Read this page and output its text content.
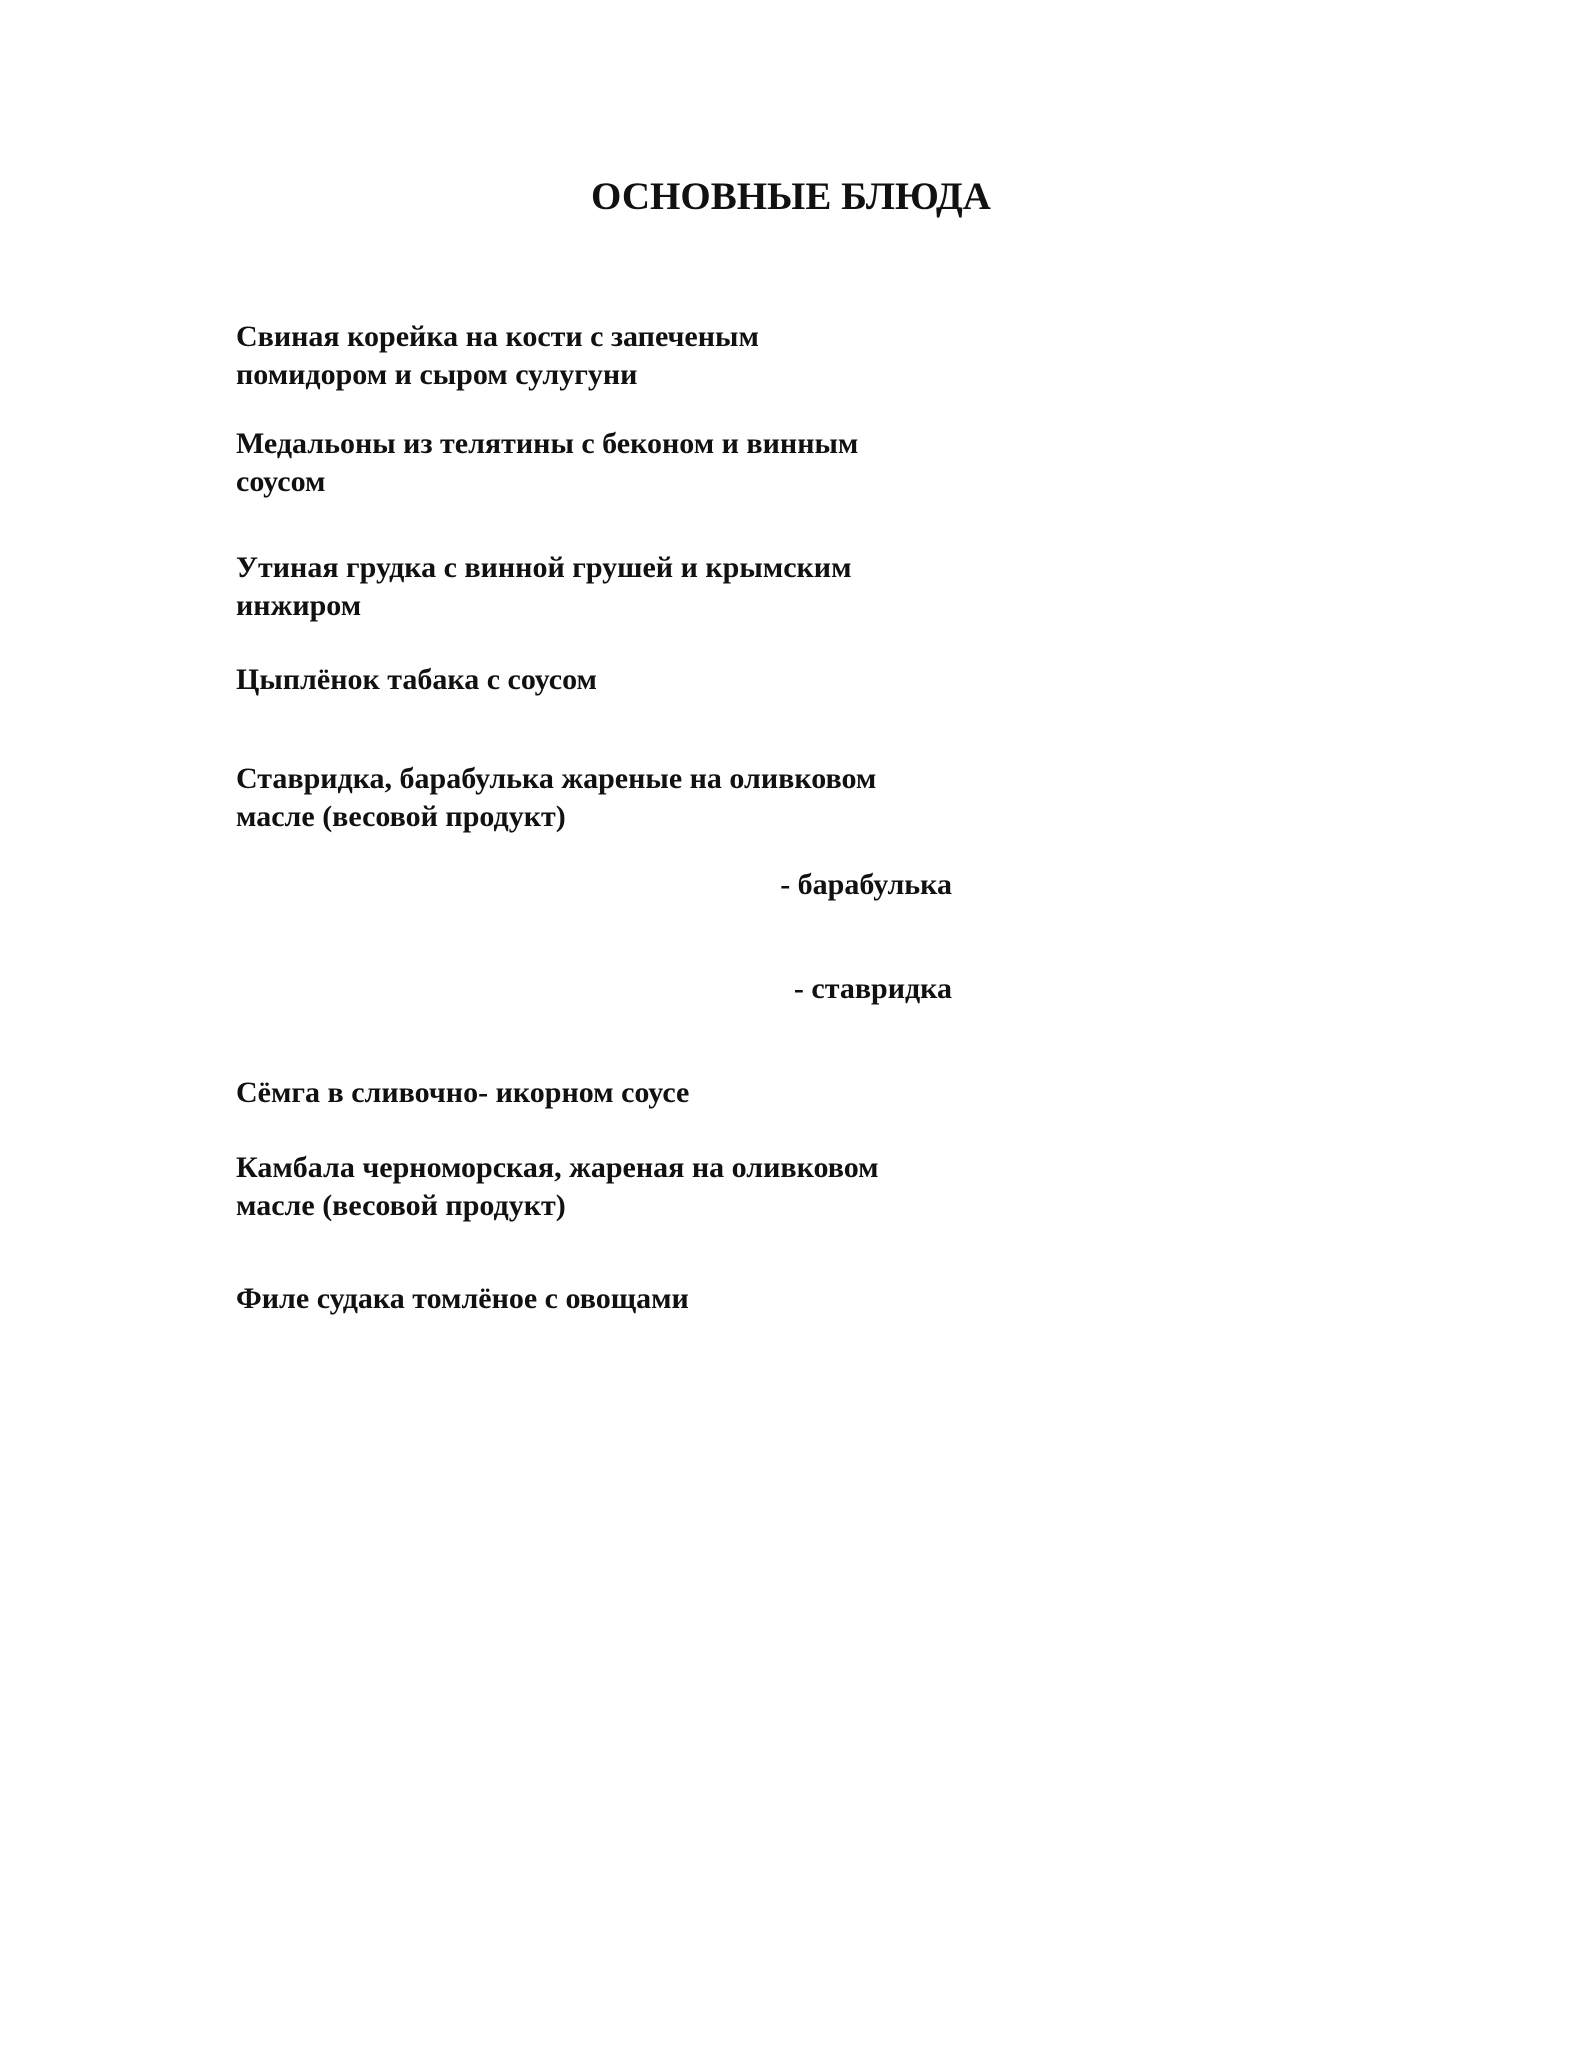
ОСНОВНЫЕ БЛЮДА
Свиная корейка на кости с запеченым
помидором и сыром сулугуни
Медальоны из телятины с беконом и винным
соусом
Утиная грудка с винной грушей и крымским
инжиром
Цыплёнок табака с соусом
Ставридка, барабулька жареные на оливковом
масле (весовой продукт)
- барабулька
- ставридка
Сёмга в сливочно- икорном соусе
Камбала черноморская, жареная на оливковом
масле (весовой продукт)
Филе судака томлёное с овощами
